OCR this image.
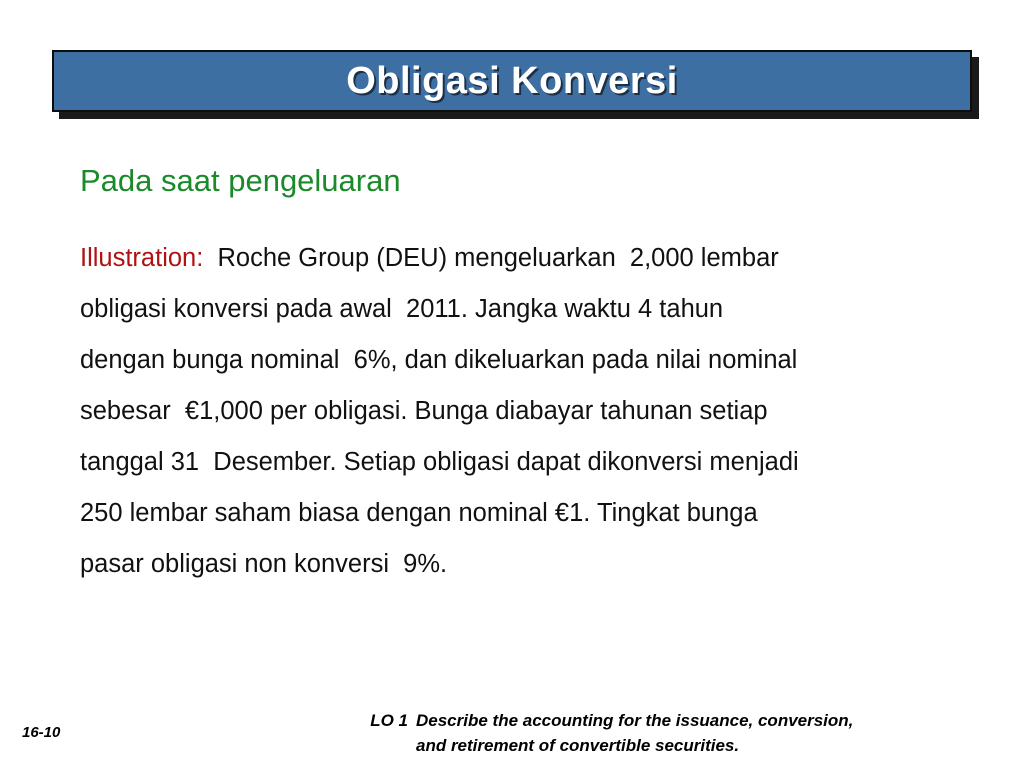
Obligasi Konversi
Pada saat pengeluaran
Illustration:  Roche Group (DEU) mengeluarkan  2,000 lembar
obligasi konversi pada awal  2011. Jangka waktu 4 tahun
dengan bunga nominal  6%, dan dikeluarkan pada nilai nominal
sebesar  €1,000 per obligasi. Bunga diabayar tahunan setiap
tanggal 31  Desember. Setiap obligasi dapat dikonversi menjadi
250 lembar saham biasa dengan nominal €1. Tingkat bunga
pasar obligasi non konversi  9%.
16-10
LO 1 Describe the accounting for the issuance, conversion,
and retirement of convertible securities.
